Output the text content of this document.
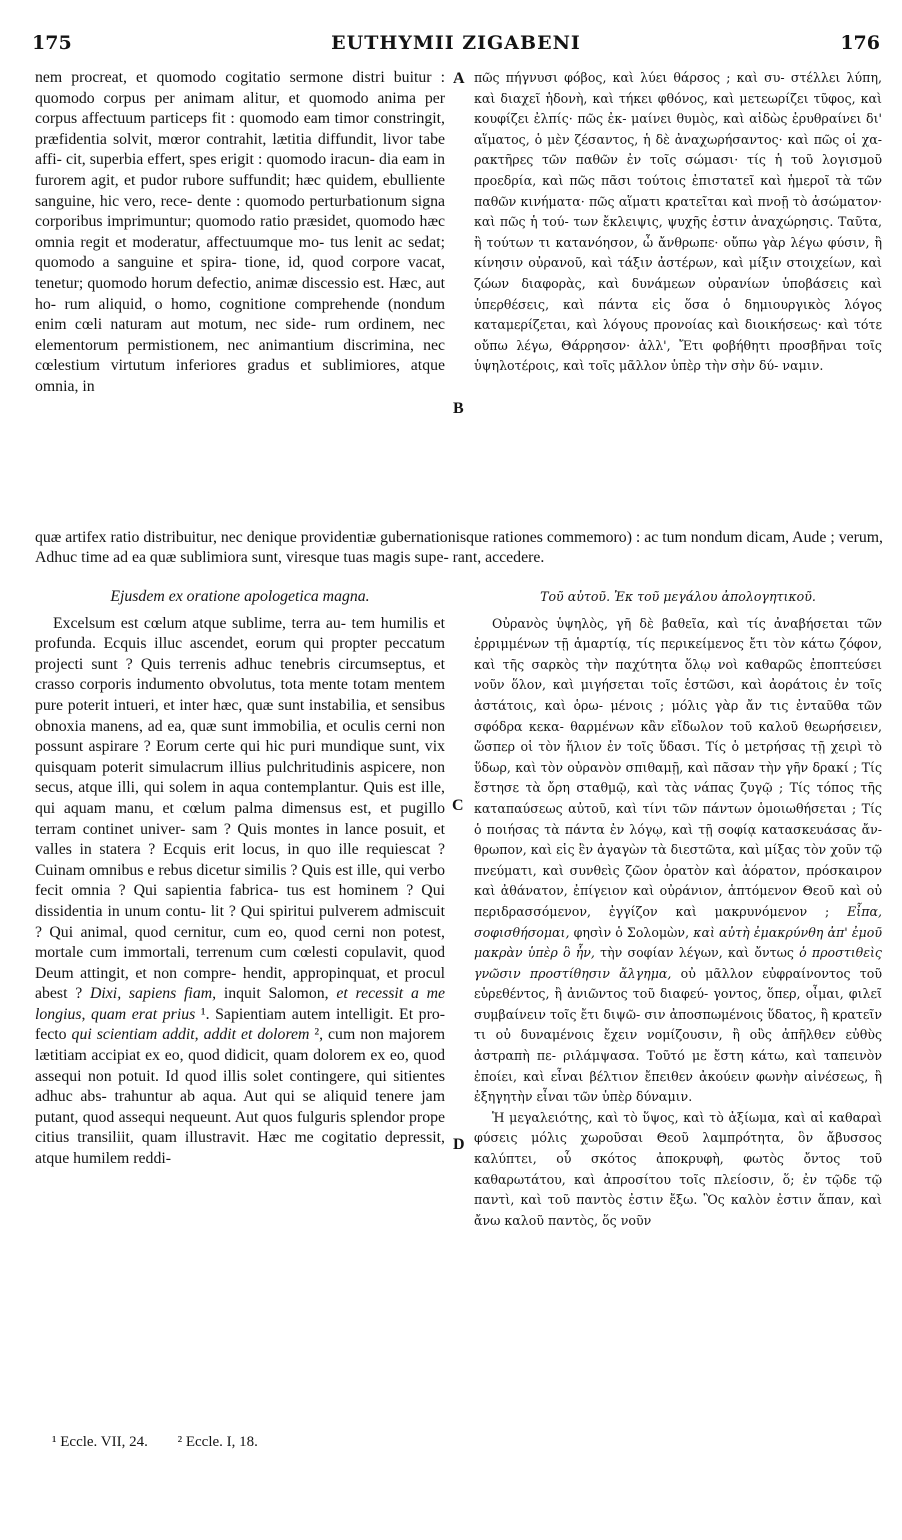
175	EUTHYMII ZIGABENI	176

nem procreat, et quomodo cogitatio sermone distri buitur : quomodo corpus per animam alitur, et quomodo anima per corpus affectuum particeps fit : quomodo eam timor constringit, præfidentia solvit, mœror contrahit, lætitia diffundit, livor tabe affi- cit, superbia effert, spes erigit : quomodo iracun- dia eam in furorem agit, et pudor rubore suffundit; hæc quidem, ebulliente sanguine, hic vero, rece- dente : quomodo perturbationum signa corporibus imprimuntur; quomodo ratio præsidet, quomodo hæc omnia regit et moderatur, affectuumque mo- tus lenit ac sedat; quomodo a sanguine et spira- tione, id, quod corpore vacat, tenetur; quomodo horum defectio, animæ discessio est. Hæc, aut ho- rum aliquid, o homo, cognitione comprehende (nondum enim cœli naturam aut motum, nec side- rum ordinem, nec elementorum permistionem, nec animantium discrimina, nec cœlestium virtutum inferiores gradus et sublimiores, atque omnia, in

πῶς πήγνυσι φόβος, καὶ λύει θάρσος ; καὶ συ- στέλλει λύπη, καὶ διαχεῖ ἡδονὴ, καὶ τήκει φθόνος, καὶ μετεωρίζει τῦφος, καὶ κουφίζει ἐλπίς· πῶς ἐκ- μαίνει θυμὸς, καὶ αἰδὼς ἐρυθραίνει δι' αἵματος, ὁ μὲν ζέσαντος, ἡ δὲ ἀναχωρήσαντος· καὶ πῶς οἱ χα- ρακτῆρες τῶν παθῶν ἐν τοῖς σώμασι· τίς ἡ τοῦ λογισμοῦ προεδρία, καὶ πῶς πᾶσι τούτοις ἐπιστατεῖ καὶ ἡμεροῖ τὰ τῶν παθῶν κινήματα· πῶς αἵματι κρατεῖται καὶ πνοῇ τὸ ἀσώματον· καὶ πῶς ἡ τού- των ἔκλειψις, ψυχῆς ἐστιν ἀναχώρησις. Ταῦτα, ἢ τούτων τι κατανόησον, ὦ ἄνθρωπε· οὔπω γὰρ λέγω φύσιν, ἢ κίνησιν οὐρανοῦ, καὶ τάξιν ἀστέρων, καὶ μίξιν στοιχείων, καὶ ζώων διαφορὰς, καὶ δυνάμεων οὐρανίων ὑποβάσεις καὶ ὑπερθέσεις, καὶ πάντα εἰς ὅσα ὁ δημιουργικὸς λόγος καταμερίζεται, καὶ λόγους προνοίας καὶ διοικήσεως· καὶ τότε οὔπω λέγω, Θάρρησον· ἀλλ', Ἔτι φοβήθητι προσβῆναι τοῖς ὑψηλοτέροις, καὶ τοῖς μᾶλλον ὑπὲρ τὴν σὴν δύ- ναμιν.

quæ artifex ratio distribuitur, nec denique providentiæ gubernationisque rationes commemoro) : ac tum nondum dicam, Aude ; verum, Adhuc time ad ea quæ sublimiora sunt, viresque tuas magis supe- rant, accedere.

Ejusdem ex oratione apologetica magna.

Excelsum est cœlum atque sublime, terra au- tem humilis et profunda. Ecquis illuc ascendet, eorum qui propter peccatum projecti sunt ? Quis terrenis adhuc tenebris circumseptus, et crasso corporis indumento obvolutus, tota mente totam mentem pure poterit intueri, et inter hæc, quæ sunt instabilia, et sensibus obnoxia manens, ad ea, quæ sunt immobilia, et oculis cerni non possunt aspirare ? Eorum certe qui hic puri mundique sunt, vix quisquam poterit simulacrum illius pulchritudinis aspicere, non secus, atque illi, qui solem in aqua contemplantur. Quis est ille, qui aquam manu, et cœlum palma dimensus est, et pugillo terram continet univer- sam ? Quis montes in lance posuit, et valles in statera ? Ecquis erit locus, in quo ille requiescat ? Cuinam omnibus e rebus dicetur similis ? Quis est ille, qui verbo fecit omnia ? Qui sapientia fabrica- tus est hominem ? Qui dissidentia in unum contu- lit ? Qui spiritui pulverem admiscuit ? Qui animal, quod cernitur, cum eo, quod cerni non potest, mortale cum immortali, terrenum cum cœlesti copulavit, quod Deum attingit, et non compre- hendit, appropinquat, et procul abest ? Dixi, sapiens fiam, inquit Salomon, et recessit a me longius, quam erat prius ¹. Sapientiam autem intelligit. Et pro- fecto qui scientiam addit, addit et dolorem ², cum non majorem lætitiam accipiat ex eo, quod didicit, quam dolorem ex eo, quod assequi non potuit. Id quod illis solet contingere, qui sitientes adhuc abs- trahuntur ab aqua. Aut qui se aliquid tenere jam putant, quod assequi nequeunt. Aut quos fulguris splendor prope citius transiliit, quam illustravit. Hæc me cogitatio depressit, atque humilem reddi-

Τοῦ αὐτοῦ. Ἐκ τοῦ μεγάλου ἀπολογητικοῦ.

Οὐρανὸς ὑψηλὸς, γῆ δὲ βαθεῖα, καὶ τίς ἀναβήσεται τῶν ἐρριμμένων τῇ ἁμαρτίᾳ, τίς περικείμενος ἔτι τὸν κάτω ζόφον, καὶ τῆς σαρκὸς τὴν παχύτητα ὅλῳ νοὶ καθαρῶς ἐποπτεύσει νοῦν ὅλον, καὶ μιγήσεται τοῖς ἑστῶσι, καὶ ἀοράτοις ἐν τοῖς ἀστάτοις, καὶ ὁρω- μένοις ; μόλις γὰρ ἄν τις ἐνταῦθα τῶν σφόδρα κεκα- θαρμένων κἂν εἴδωλον τοῦ καλοῦ θεωρήσειεν, ὥσπερ οἱ τὸν ἥλιον ἐν τοῖς ὕδασι. Τίς ὁ μετρήσας τῇ χειρὶ τὸ ὕδωρ, καὶ τὸν οὐρανὸν σπιθαμῇ, καὶ πᾶσαν τὴν γῆν δρακί ; Τίς ἔστησε τὰ ὄρη σταθμῷ, καὶ τὰς νάπας ζυγῷ ; Τίς τόπος τῆς καταπαύσεως αὐτοῦ, καὶ τίνι τῶν πάντων ὁμοιωθήσεται ; Τίς ὁ ποιήσας τὰ πάντα ἐν λόγῳ, καὶ τῇ σοφίᾳ κατασκευάσας ἄν- θρωπον, καὶ εἰς ἓν ἀγαγὼν τὰ διεστῶτα, καὶ μίξας τὸν χοῦν τῷ πνεύματι, καὶ συνθεὶς ζῶον ὁρατὸν καὶ ἀόρατον, πρόσκαιρον καὶ ἀθάνατον, ἐπίγειον καὶ οὐράνιον, ἁπτόμενον Θεοῦ καὶ οὐ περιδρασσόμενον, ἐγγίζον καὶ μακρυνόμενον ; Εἶπα, σοφισθήσομαι, φησὶν ὁ Σολομὼν, καὶ αὐτὴ ἐμακρύνθη ἀπ' ἐμοῦ μακρὰν ὑπὲρ ὃ ἦν, τὴν σοφίαν λέγων, καὶ ὄντως ὁ προστιθεὶς γνῶσιν προστίθησιν ἄλγημα, οὐ μᾶλλον εὐφραίνοντος τοῦ εὑρεθέντος, ἢ ἀνιῶντος τοῦ διαφεύ- γοντος, ὅπερ, οἶμαι, φιλεῖ συμβαίνειν τοῖς ἔτι διψῶ- σιν ἀποσπωμένοις ὕδατος, ἢ κρατεῖν τι οὐ δυναμένοις ἔχειν νομίζουσιν, ἢ οὓς ἀπῆλθεν εὐθὺς ἀστραπὴ πε- ριλάμψασα. Τοῦτό με ἔστη κάτω, καὶ ταπεινὸν ἐποίει, καὶ εἶναι βέλτιον ἔπειθεν ἀκούειν φωνὴν αἰνέσεως, ἢ ἐξηγητὴν εἶναι τῶν ὑπὲρ δύναμιν.

Ἡ μεγαλειότης, καὶ τὸ ὕψος, καὶ τὸ ἀξίωμα, καὶ αἱ καθαραὶ φύσεις μόλις χωροῦσαι Θεοῦ λαμπρότητα, ὃν ἄβυσσος καλύπτει, οὗ σκότος ἀποκρυφὴ, φωτὸς ὄντος τοῦ καθαρωτάτου, καὶ ἀπροσίτου τοῖς πλείοσιν, ὅ; ἐν τῷδε τῷ παντὶ, καὶ τοῦ παντὸς ἐστιν ἔξω. Ὃς καλὸν ἐστιν ἅπαν, καὶ ἄνω καλοῦ παντὸς, ὅς νοῦν

A
B
C
D
¹ Eccle. VII, 24. ² Eccle. I, 18.
